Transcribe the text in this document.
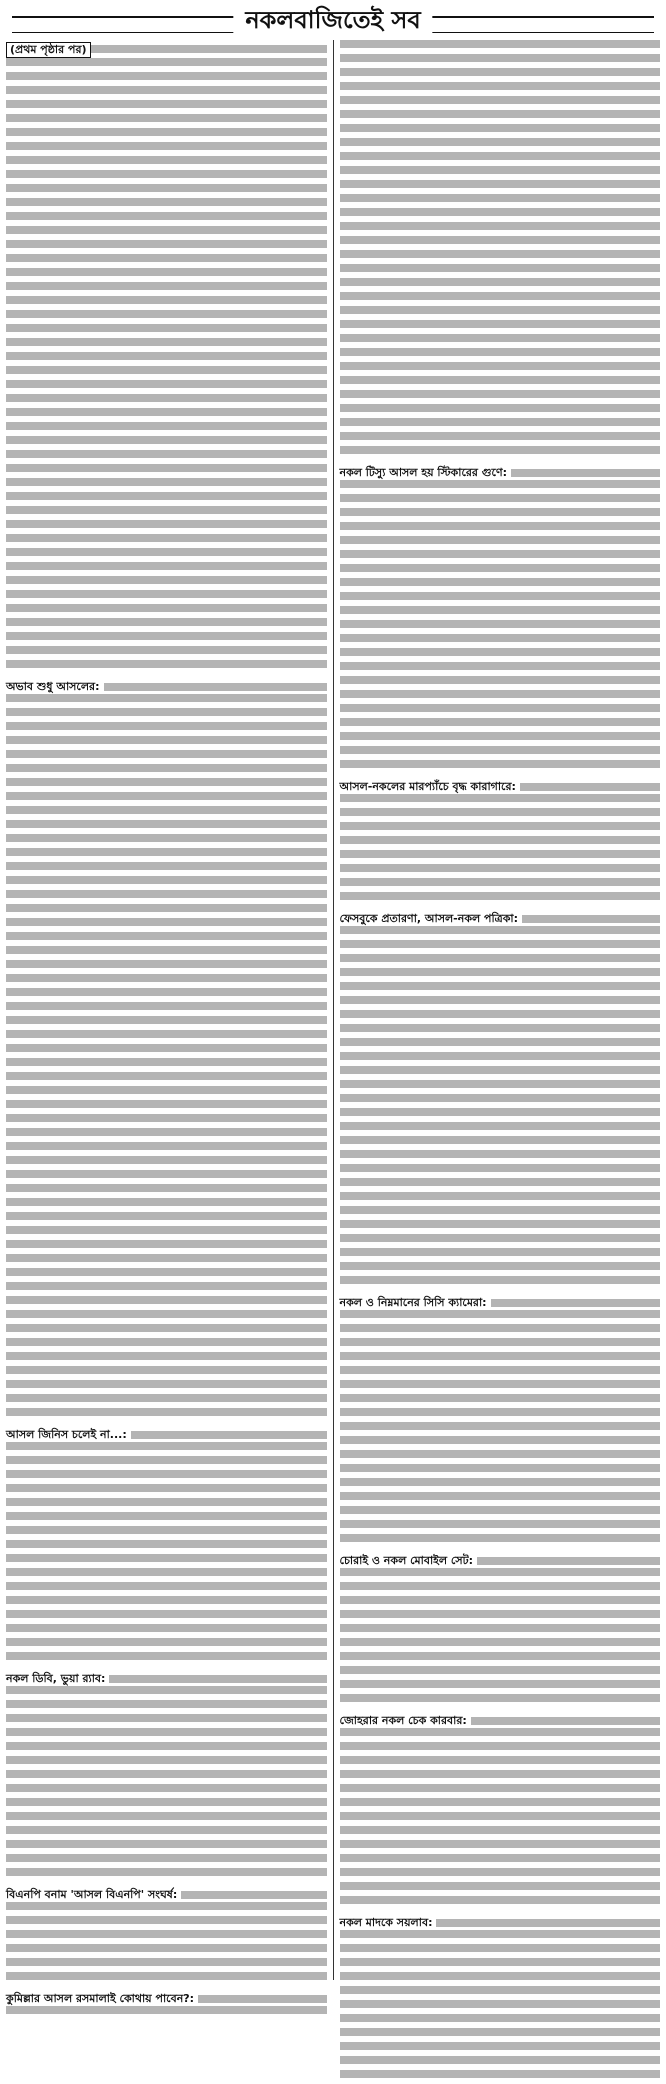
নকলবাজিতেই সব
(প্রথম পৃষ্ঠার পর)
অভাব শুধু আসলের:
আসল জিনিস চলেই না...:
নকল ডিবি, ভুয়া র‌্যাব:
বিএনপি বনাম 'আসল বিএনপি' সংঘর্ষ:
কুমিল্লার আসল রসমালাই কোথায় পাবেন?:
নকল টিস্যু আসল হয় স্টিকারের গুণে:
আসল-নকলের মারপ্যাঁচে বৃদ্ধ কারাগারে:
ফেসবুকে প্রতারণা, আসল-নকল পত্রিকা:
নকল ও নিম্নমানের সিসি ক্যামেরা:
চোরাই ও নকল মোবাইল সেট:
জোহরার নকল চেক কারবার:
নকল মাদকে সয়লাব:
